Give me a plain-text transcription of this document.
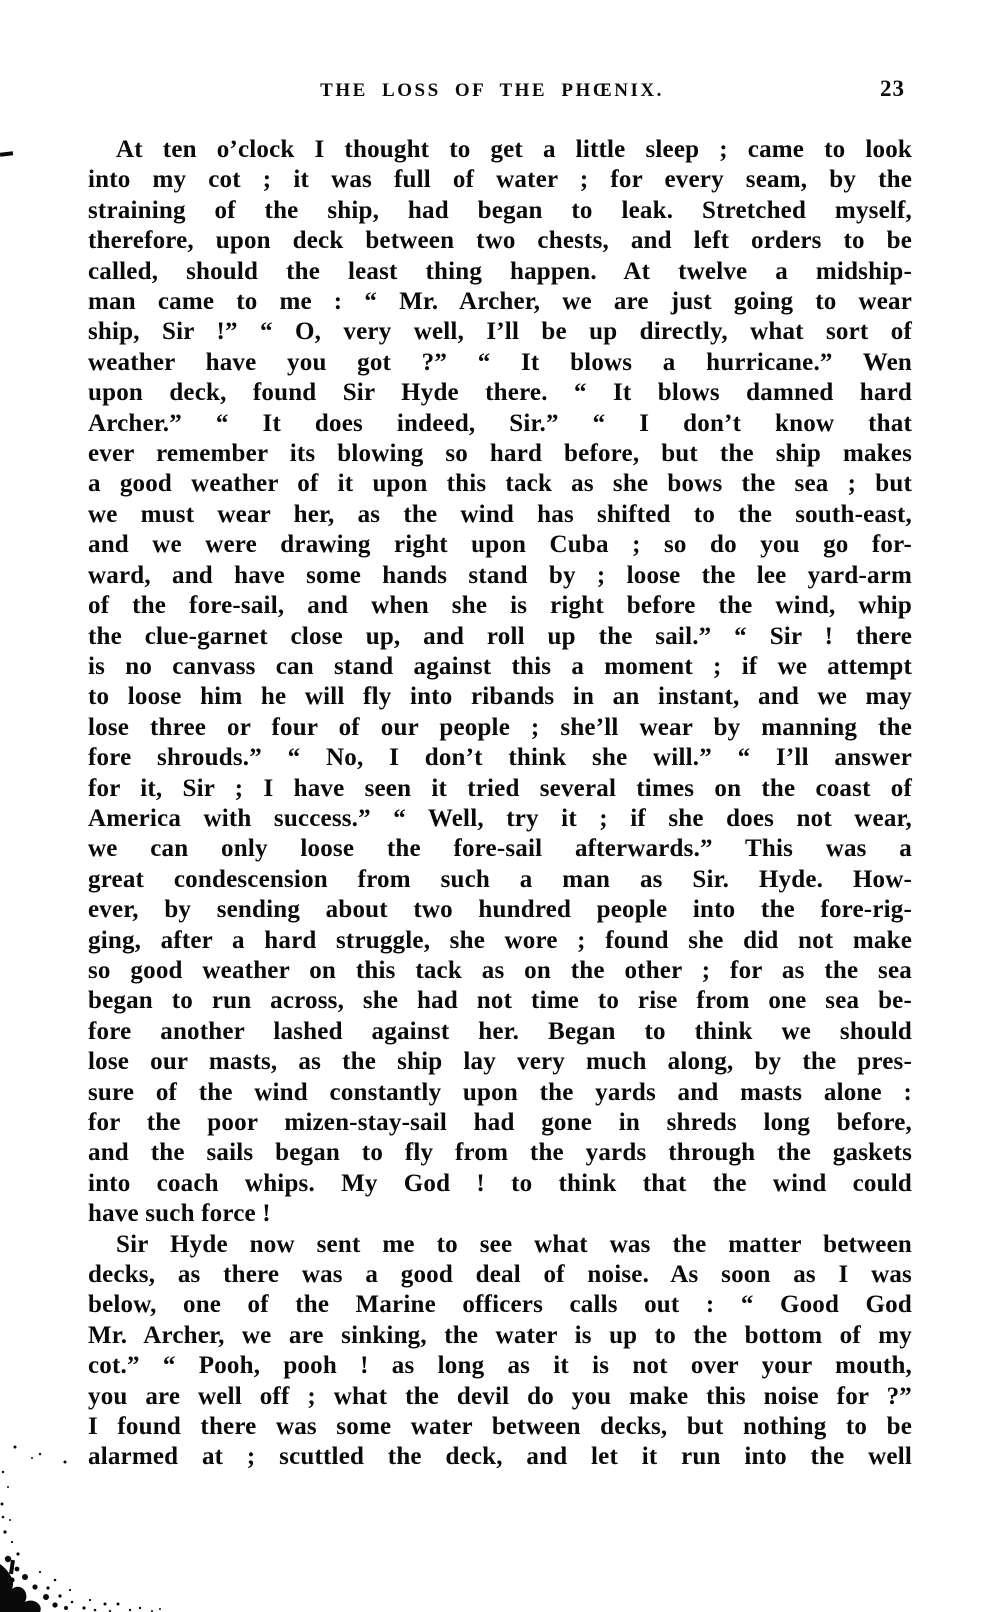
THE LOSS OF THE PHŒNIX.	23
At ten o’clock I thought to get a little sleep ; came to look
into my cot ; it was full of water ; for every seam, by the
straining of the ship, had began to leak. Stretched myself,
therefore, upon deck between two chests, and left orders to be
called, should the least thing happen. At twelve a midship-
man came to me : “ Mr. Archer, we are just going to wear
ship, Sir !” “ O, very well, I’ll be up directly, what sort of
weather have you got ?” “ It blows a hurricane.” Wen
upon deck, found Sir Hyde there. “ It blows damned hard
Archer.” “ It does indeed, Sir.” “ I don’t know that
ever remember its blowing so hard before, but the ship makes
a good weather of it upon this tack as she bows the sea ; but
we must wear her, as the wind has shifted to the south-east,
and we were drawing right upon Cuba ; so do you go for-
ward, and have some hands stand by ; loose the lee yard-arm
of the fore-sail, and when she is right before the wind, whip
the clue-garnet close up, and roll up the sail.” “ Sir ! there
is no canvass can stand against this a moment ; if we attempt
to loose him he will fly into ribands in an instant, and we may
lose three or four of our people ; she’ll wear by manning the
fore shrouds.” “ No, I don’t think she will.” “ I’ll answer
for it, Sir ; I have seen it tried several times on the coast of
America with success.” “ Well, try it ; if she does not wear,
we can only loose the fore-sail afterwards.” This was a
great condescension from such a man as Sir. Hyde. How-
ever, by sending about two hundred people into the fore-rig-
ging, after a hard struggle, she wore ; found she did not make
so good weather on this tack as on the other ; for as the sea
began to run across, she had not time to rise from one sea be-
fore another lashed against her. Began to think we should
lose our masts, as the ship lay very much along, by the pres-
sure of the wind constantly upon the yards and masts alone :
for the poor mizen-stay-sail had gone in shreds long before,
and the sails began to fly from the yards through the gaskets
into coach whips. My God ! to think that the wind could
have such force !
Sir Hyde now sent me to see what was the matter between
decks, as there was a good deal of noise. As soon as I was
below, one of the Marine officers calls out : “ Good God
Mr. Archer, we are sinking, the water is up to the bottom of my
cot.” “ Pooh, pooh ! as long as it is not over your mouth,
you are well off ; what the devil do you make this noise for ?”
I found there was some water between decks, but nothing to be
alarmed at ; scuttled the deck, and let it run into the well
